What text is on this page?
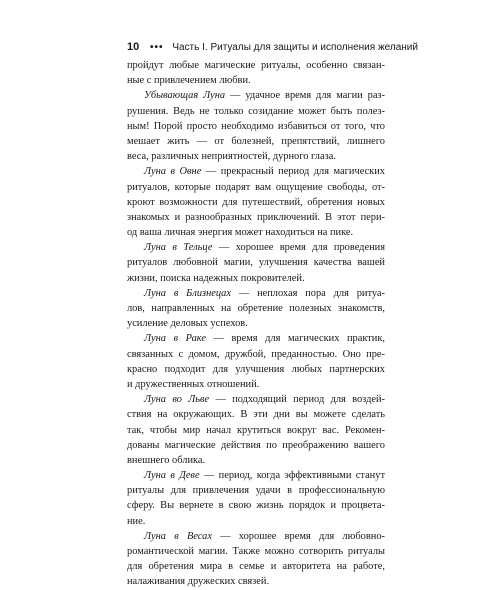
10 ••• Часть I. Ритуалы для защиты и исполнения желаний
пройдут любые магические ритуалы, особенно связан-
ные с привлечением любви.
Убывающая Луна — удачное время для магии раз-
рушения. Ведь не только созидание может быть полез-
ным! Порой просто необходимо избавиться от того, что
мешает жить — от болезней, препятствий, лишнего
веса, различных неприятностей, дурного глаза.
Луна в Овне — прекрасный период для магических
ритуалов, которые подарят вам ощущение свободы, от-
кроют возможности для путешествий, обретения новых
знакомых и разнообразных приключений. В этот пери-
од ваша личная энергия может находиться на пике.
Луна в Тельце — хорошее время для проведения
ритуалов любовной магии, улучшения качества вашей
жизни, поиска надежных покровителей.
Луна в Близнецах — неплохая пора для ритуа-
лов, направленных на обретение полезных знакомств,
усиление деловых успехов.
Луна в Раке — время для магических практик,
связанных с домом, дружбой, преданностью. Оно пре-
красно подходит для улучшения любых партнерских
и дружественных отношений.
Луна во Льве — подходящий период для воздей-
ствия на окружающих. В эти дни вы можете сделать
так, чтобы мир начал крутиться вокруг вас. Рекомен-
дованы магические действия по преображению вашего
внешнего облика.
Луна в Деве — период, когда эффективными станут
ритуалы для привлечения удачи в профессиональную
сферу. Вы вернете в свою жизнь порядок и процвета-
ние.
Луна в Весах — хорошее время для любовно-
романтической магии. Также можно сотворить ритуалы
для обретения мира в семье и авторитета на работе,
налаживания дружеских связей.
